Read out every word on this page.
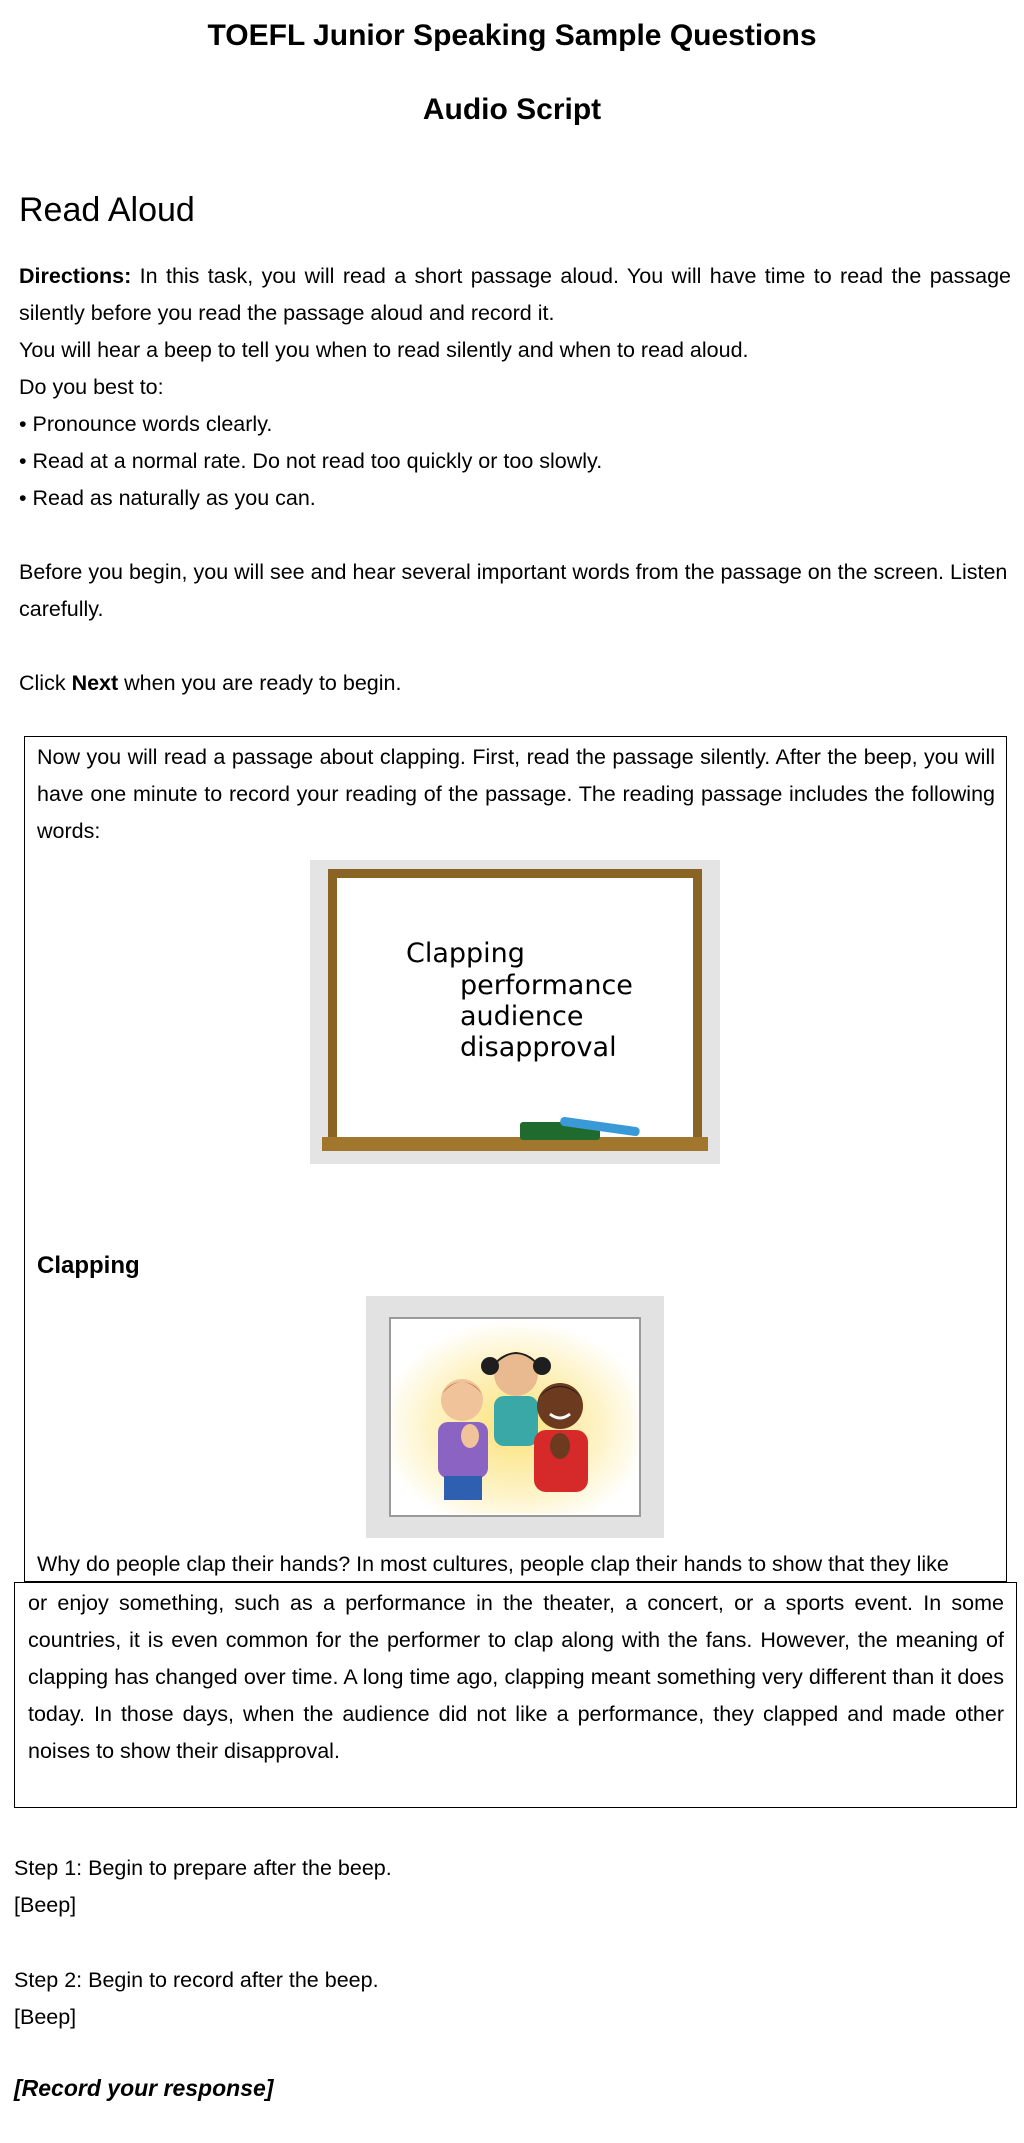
TOEFL Junior Speaking Sample Questions
Audio Script
Read Aloud

Directions: In this task, you will read a short passage aloud. You will have time to read the passage silently before you read the passage aloud and record it.

You will hear a beep to tell you when to read silently and when to read aloud.

Do you best to:

• Pronounce words clearly.
• Read at a normal rate. Do not read too quickly or too slowly.
• Read as naturally as you can.

Before you begin, you will see and hear several important words from the passage on the screen. Listen carefully.

Click Next when you are ready to begin.

Now you will read a passage about clapping. First, read the passage silently. After the beep, you will have one minute to record your reading of the passage. The reading passage includes the following words:

Clapping
performance
audience
disapproval

Clapping

Why do people clap their hands? In most cultures, people clap their hands to show that they like

or enjoy something, such as a performance in the theater, a concert, or a sports event. In some countries, it is even common for the performer to clap along with the fans. However, the meaning of clapping has changed over time. A long time ago, clapping meant something very different than it does today. In those days, when the audience did not like a performance, they clapped and made other noises to show their disapproval.

Step 1: Begin to prepare after the beep.

[Beep]

Step 2: Begin to record after the beep.

[Beep]

[Record your response]
